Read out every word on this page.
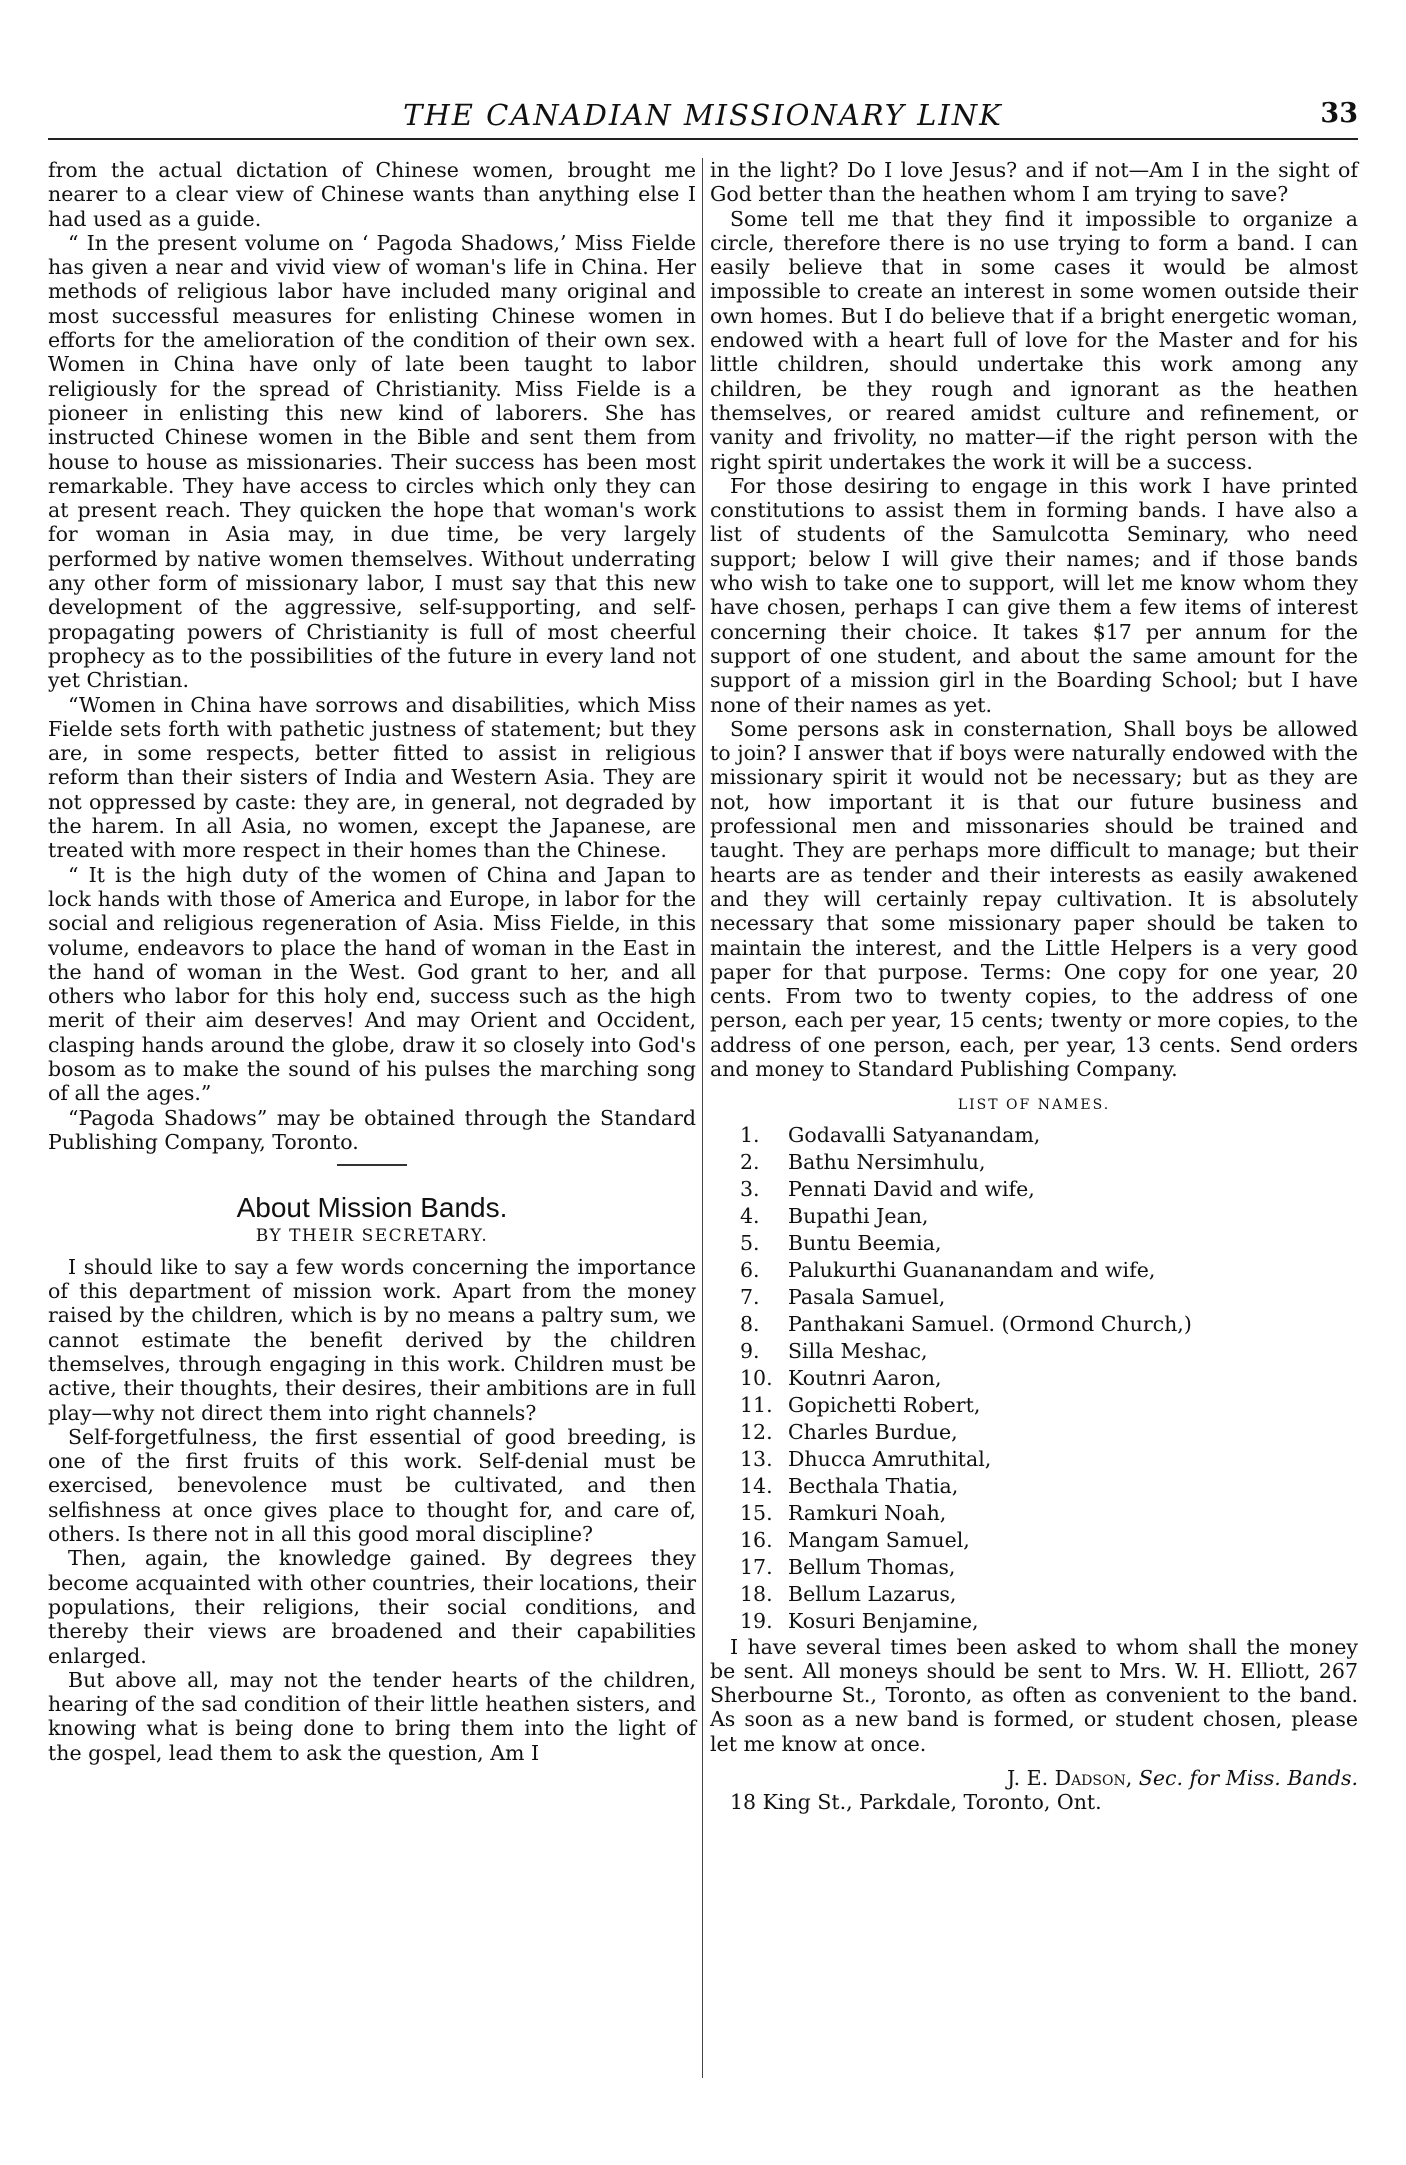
THE CANADIAN MISSIONARY LINK	33

from the actual dictation of Chinese women, brought me nearer to a clear view of Chinese wants than anything else I had used as a guide.

“ In the present volume on ‘ Pagoda Shadows,’ Miss Fielde has given a near and vivid view of woman's life in China. Her methods of religious labor have included many original and most successful measures for enlisting Chinese women in efforts for the amelioration of the condition of their own sex. Women in China have only of late been taught to labor religiously for the spread of Christianity. Miss Fielde is a pioneer in enlisting this new kind of laborers. She has instructed Chinese women in the Bible and sent them from house to house as missionaries. Their success has been most remarkable. They have access to circles which only they can at present reach. They quicken the hope that woman's work for woman in Asia may, in due time, be very largely performed by native women themselves. Without underrating any other form of missionary labor, I must say that this new development of the aggressive, self-supporting, and self-propagating powers of Christianity is full of most cheerful prophecy as to the possibilities of the future in every land not yet Christian.

“Women in China have sorrows and disabilities, which Miss Fielde sets forth with pathetic justness of statement; but they are, in some respects, better fitted to assist in religious reform than their sisters of India and Western Asia. They are not oppressed by caste: they are, in general, not degraded by the harem. In all Asia, no women, except the Japanese, are treated with more respect in their homes than the Chinese.

“ It is the high duty of the women of China and Japan to lock hands with those of America and Europe, in labor for the social and religious regeneration of Asia. Miss Fielde, in this volume, endeavors to place the hand of woman in the East in the hand of woman in the West. God grant to her, and all others who labor for this holy end, success such as the high merit of their aim deserves! And may Orient and Occident, clasping hands around the globe, draw it so closely into God's bosom as to make the sound of his pulses the marching song of all the ages.”

“Pagoda Shadows” may be obtained through the Standard Publishing Company, Toronto.

About Mission Bands.
BY THEIR SECRETARY.

I should like to say a few words concerning the importance of this department of mission work. Apart from the money raised by the children, which is by no means a paltry sum, we cannot estimate the benefit derived by the children themselves, through engaging in this work. Children must be active, their thoughts, their desires, their ambitions are in full play—why not direct them into right channels?

Self-forgetfulness, the first essential of good breeding, is one of the first fruits of this work. Self-denial must be exercised, benevolence must be cultivated, and then selfishness at once gives place to thought for, and care of, others. Is there not in all this good moral discipline?

Then, again, the knowledge gained. By degrees they become acquainted with other countries, their locations, their populations, their religions, their social conditions, and thereby their views are broadened and their capabilities enlarged.

But above all, may not the tender hearts of the children, hearing of the sad condition of their little heathen sisters, and knowing what is being done to bring them into the light of the gospel, lead them to ask the question, Am I

in the light? Do I love Jesus? and if not—Am I in the sight of God better than the heathen whom I am trying to save?

Some tell me that they find it impossible to organize a circle, therefore there is no use trying to form a band. I can easily believe that in some cases it would be almost impossible to create an interest in some women outside their own homes. But I do believe that if a bright energetic woman, endowed with a heart full of love for the Master and for his little children, should undertake this work among any children, be they rough and ignorant as the heathen themselves, or reared amidst culture and refinement, or vanity and frivolity, no matter—if the right person with the right spirit undertakes the work it will be a success.

For those desiring to engage in this work I have printed constitutions to assist them in forming bands. I have also a list of students of the Samulcotta Seminary, who need support; below I will give their names; and if those bands who wish to take one to support, will let me know whom they have chosen, perhaps I can give them a few items of interest concerning their choice. It takes $17 per annum for the support of one student, and about the same amount for the support of a mission girl in the Boarding School; but I have none of their names as yet.

Some persons ask in consternation, Shall boys be allowed to join? I answer that if boys were naturally endowed with the missionary spirit it would not be necessary; but as they are not, how important it is that our future business and professional men and missonaries should be trained and taught. They are perhaps more difficult to manage; but their hearts are as tender and their interests as easily awakened and they will certainly repay cultivation. It is absolutely necessary that some missionary paper should be taken to maintain the interest, and the Little Helpers is a very good paper for that purpose. Terms: One copy for one year, 20 cents. From two to twenty copies, to the address of one person, each per year, 15 cents; twenty or more copies, to the address of one person, each, per year, 13 cents. Send orders and money to Standard Publishing Company.

LIST OF NAMES.
1.	Godavalli Satyanandam,
2.	Bathu Nersimhulu,
3.	Pennati David and wife,
4.	Bupathi Jean,
5.	Buntu Beemia,
6.	Palukurthi Guananandam and wife,
7.	Pasala Samuel,
8.	Panthakani Samuel. (Ormond Church,)
9.	Silla Meshac,
10. Koutnri Aaron,
11. Gopichetti Robert,
12. Charles Burdue,
13. Dhucca Amruthital,
14. Becthala Thatia,
15. Ramkuri Noah,
16. Mangam Samuel,
17. Bellum Thomas,
18. Bellum Lazarus,
19. Kosuri Benjamine,

I have several times been asked to whom shall the money be sent. All moneys should be sent to Mrs. W. H. Elliott, 267 Sherbourne St., Toronto, as often as convenient to the band. As soon as a new band is formed, or student chosen, please let me know at once.

J. E. Dadson, Sec. for Miss. Bands.

18 King St., Parkdale, Toronto, Ont.
